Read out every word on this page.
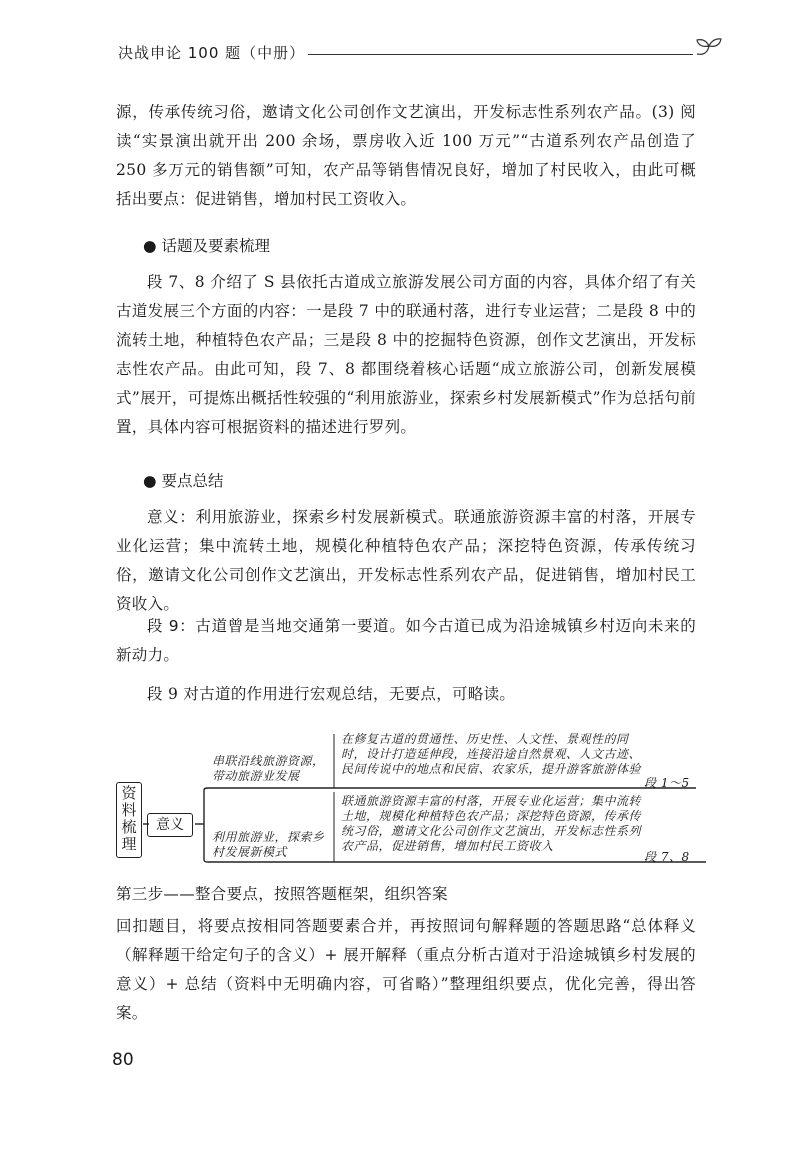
决战申论 100 题（中册）

源，传承传统习俗，邀请文化公司创作文艺演出，开发标志性系列农产品。(3) 阅读“实景演出就开出 200 余场，票房收入近 100 万元”“古道系列农产品创造了 250 多万元的销售额”可知，农产品等销售情况良好，增加了村民收入，由此可概括出要点：促进销售，增加村民工资收入。

● 话题及要素梳理

段 7、8 介绍了 S 县依托古道成立旅游发展公司方面的内容，具体介绍了有关古道发展三个方面的内容：一是段 7 中的联通村落，进行专业运营；二是段 8 中的流转土地，种植特色农产品；三是段 8 中的挖掘特色资源，创作文艺演出，开发标志性农产品。由此可知，段 7、8 都围绕着核心话题“成立旅游公司，创新发展模式”展开，可提炼出概括性较强的“利用旅游业，探索乡村发展新模式”作为总括句前置，具体内容可根据资料的描述进行罗列。

● 要点总结

意义：利用旅游业，探索乡村发展新模式。联通旅游资源丰富的村落，开展专业化运营；集中流转土地，规模化种植特色农产品；深挖特色资源，传承传统习俗，邀请文化公司创作文艺演出，开发标志性系列农产品，促进销售，增加村民工资收入。

段 9：古道曾是当地交通第一要道。如今古道已成为沿途城镇乡村迈向未来的新动力。

段 9 对古道的作用进行宏观总结，无要点，可略读。

资料梳理
意义
串联沿线旅游资源，带动旅游业发展
在修复古道的贯通性、历史性、人文性、景观性的同时，设计打造延伸段，连接沿途自然景观、人文古迹、民间传说中的地点和民宿、农家乐，提升游客旅游体验
段 1～5
利用旅游业，探索乡村发展新模式
联通旅游资源丰富的村落，开展专业化运营；集中流转土地，规模化种植特色农产品；深挖特色资源，传承传统习俗，邀请文化公司创作文艺演出，开发标志性系列农产品，促进销售，增加村民工资收入
段 7、8

第三步——整合要点，按照答题框架，组织答案

回扣题目，将要点按相同答题要素合并，再按照词句解释题的答题思路“总体释义（解释题干给定句子的含义）+ 展开解释（重点分析古道对于沿途城镇乡村发展的意义）+ 总结（资料中无明确内容，可省略）”整理组织要点，优化完善，得出答案。

80
